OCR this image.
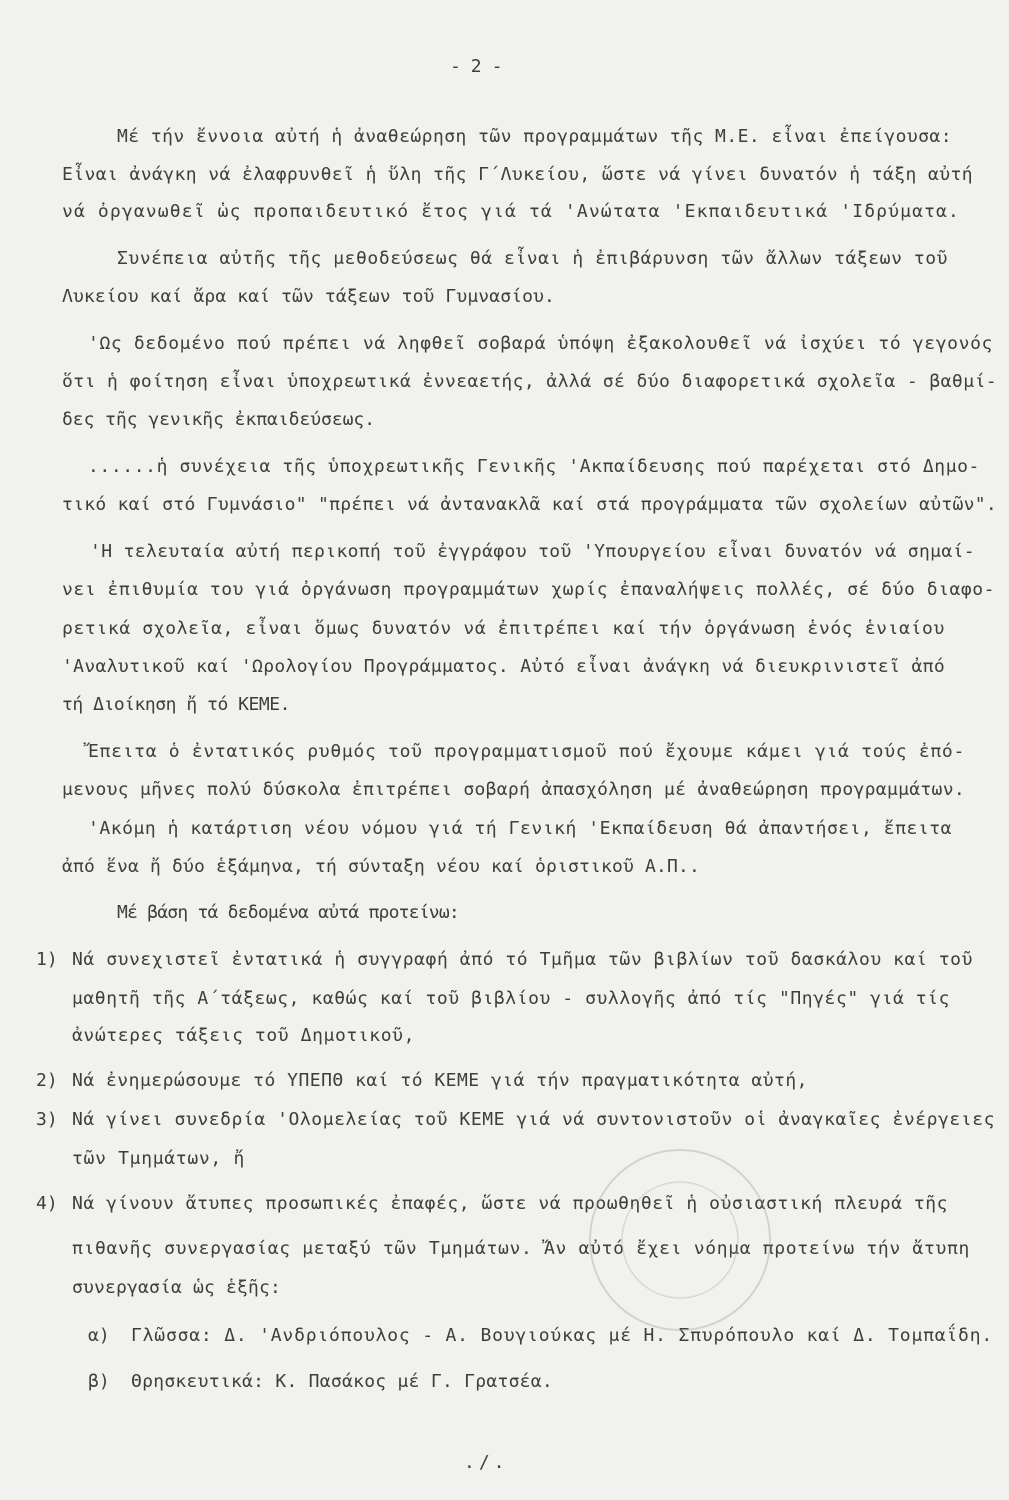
- 2 -
Μέ τήν ἔννοια αὐτή ἡ ἀναθεώρηση τῶν προγραμμάτων τῆς Μ.Ε. εἶναι ἐπείγουσα:
Εἶναι ἀνάγκη νά ἐλαφρυνθεῖ ἡ ὕλη τῆς Γ΄Λυκείου, ὥστε νά γίνει δυνατόν ἡ τάξη αὐτή
νά ὀργανωθεῖ ὡς προπαιδευτικό ἔτος γιά τά 'Ανώτατα 'Εκπαιδευτικά 'Ιδρύματα.
Συνέπεια αὐτῆς τῆς μεθοδεύσεως θά εἶναι ἡ ἐπιβάρυνση τῶν ἄλλων τάξεων τοῦ
Λυκείου καί ἄρα καί τῶν τάξεων τοῦ Γυμνασίου.
'Ως δεδομένο πού πρέπει νά ληφθεῖ σοβαρά ὑπόψη ἐξακολουθεῖ νά ἰσχύει τό γεγονός
ὅτι ἡ φοίτηση εἶναι ὑποχρεωτικά ἐννεαετής, ἀλλά σέ δύο διαφορετικά σχολεῖα - βαθμί-
δες τῆς γενικῆς ἐκπαιδεύσεως.
......ἡ συνέχεια τῆς ὑποχρεωτικῆς Γενικῆς 'Ακπαίδευσης πού παρέχεται στό Δημο-
τικό καί στό Γυμνάσιο" "πρέπει νά ἀντανακλᾶ καί στά προγράμματα τῶν σχολείων αὐτῶν".
'Η τελευταία αὐτή περικοπή τοῦ ἐγγράφου τοῦ 'Υπουργείου εἶναι δυνατόν νά σημαί-
νει ἐπιθυμία του γιά ὀργάνωση προγραμμάτων χωρίς ἐπαναλήψεις πολλές, σέ δύο διαφο-
ρετικά σχολεῖα, εἶναι ὅμως δυνατόν νά ἐπιτρέπει καί τήν ὀργάνωση ἑνός ἑνιαίου
'Αναλυτικοῦ καί 'Ωρολογίου Προγράμματος. Αὐτό εἶναι ἀνάγκη νά διευκρινιστεῖ ἀπό
τή Διοίκηση ἤ τό ΚΕΜΕ.
Ἔπειτα ὁ ἐντατικός ρυθμός τοῦ προγραμματισμοῦ πού ἔχουμε κάμει γιά τούς ἐπό-
μενους μῆνες πολύ δύσκολα ἐπιτρέπει σοβαρή ἀπασχόληση μέ ἀναθεώρηση προγραμμάτων.
'Ακόμη ἡ κατάρτιση νέου νόμου γιά τή Γενική 'Εκπαίδευση θά ἀπαντήσει, ἔπειτα
ἀπό ἕνα ἤ δύο ἑξάμηνα, τή σύνταξη νέου καί ὁριστικοῦ Α.Π..
Μέ βάση τά δεδομένα αὐτά προτείνω:
1) Νά συνεχιστεῖ ἐντατικά ἡ συγγραφή ἀπό τό Τμῆμα τῶν βιβλίων τοῦ δασκάλου καί τοῦ
μαθητῆ τῆς Α΄τάξεως, καθώς καί τοῦ βιβλίου - συλλογῆς ἀπό τίς "Πηγές" γιά τίς
ἀνώτερες τάξεις τοῦ Δημοτικοῦ,
2) Νά ἐνημερώσουμε τό ΥΠΕΠΘ καί τό ΚΕΜΕ γιά τήν πραγματικότητα αὐτή,
3) Νά γίνει συνεδρία 'Ολομελείας τοῦ ΚΕΜΕ γιά νά συντονιστοῦν οἱ ἀναγκαῖες ἐνέργειες
τῶν Τμημάτων, ἤ
4) Νά γίνουν ἄτυπες προσωπικές ἐπαφές, ὥστε νά προωθηθεῖ ἡ οὐσιαστική πλευρά τῆς
πιθανῆς συνεργασίας μεταξύ τῶν Τμημάτων. Ἄν αὐτό ἔχει νόημα προτείνω τήν ἄτυπη
συνεργασία ὡς ἑξῆς:
α) Γλῶσσα: Δ. 'Ανδριόπουλος - Α. Βουγιούκας μέ Η. Σπυρόπουλο καί Δ. Τομπαΐδη.
β) Θρησκευτικά: Κ. Πασάκος μέ Γ. Γρατσέα.
./.
